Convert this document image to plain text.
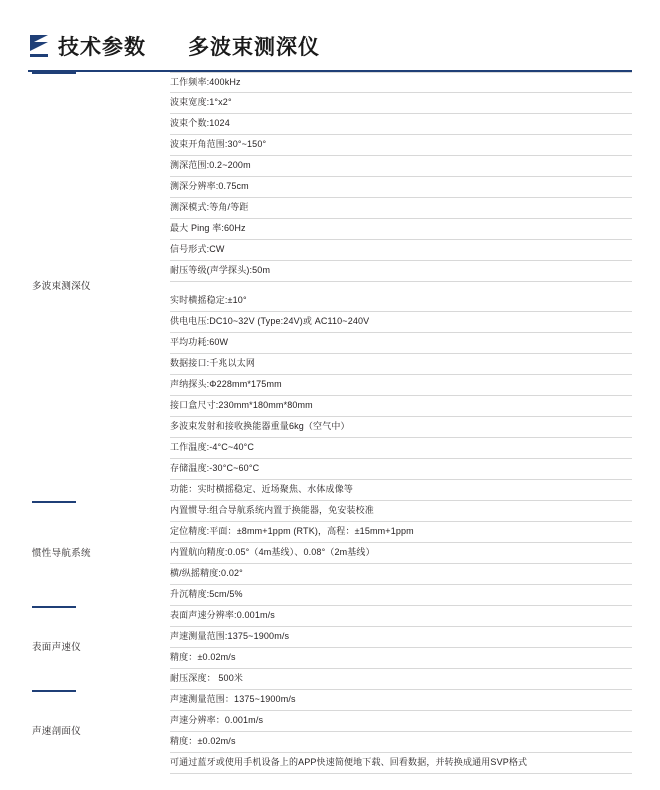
技术参数 多波束测深仪
多波束测深仪
工作频率:400kHz
波束宽度:1°x2°
波束个数:1024
波束开角范围:30°~150°
测深范围:0.2~200m
测深分辨率:0.75cm
测深模式:等角/等距
最大 Ping 率:60Hz
信号形式:CW
耐压等级(声学探头):50m
实时横摇稳定:±10°
供电电压:DC10~32V (Type:24V)或 AC110~240V
平均功耗:60W
数据接口:千兆以太网
声纳探头:Φ228mm*175mm
接口盒尺寸:230mm*180mm*80mm
多波束发射和接收换能器重量6kg（空气中）
工作温度:-4°C~40°C
存储温度:-30°C~60°C
功能：实时横摇稳定、近场聚焦、水体成像等
惯性导航系统
内置惯导:组合导航系统内置于换能器，免安装校准
定位精度:平面：±8mm+1ppm (RTK)，高程：±15mm+1ppm
内置航向精度:0.05°（4m基线）、0.08°（2m基线）
横/纵摇精度:0.02°
升沉精度:5cm/5%
表面声速仪
表面声速分辨率:0.001m/s
声速测量范围:1375~1900m/s
精度：±0.02m/s
耐压深度： 500米
声速剖面仪
声速测量范围：1375~1900m/s
声速分辨率：0.001m/s
精度：±0.02m/s
可通过蓝牙或使用手机设备上的APP快速简便地下载、回看数据，并转换成通用SVP格式
